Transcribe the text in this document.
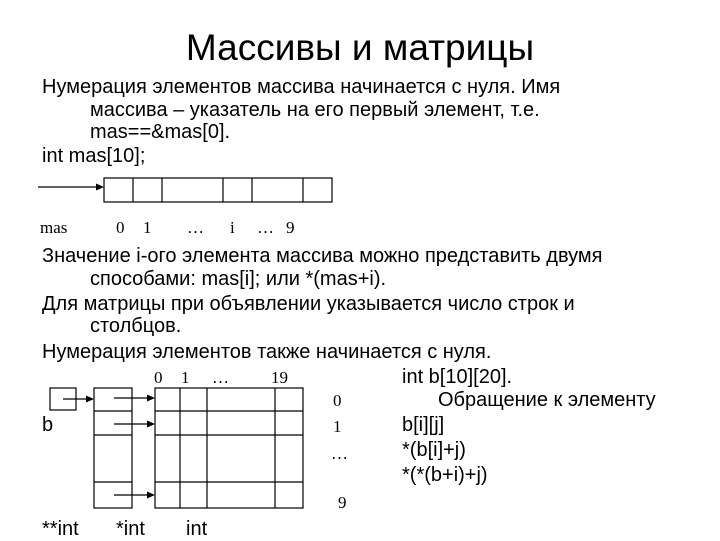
Массивы и матрицы
Нумерация элементов массива начинается с нуля. Имя
массива – указатель на его первый элемент, т.е.
mas==&mas[0].
int mas[10];
mas	0 1 … i … 9
Значение i-ого элемента массива можно представить двумя
способами: mas[i]; или *(mas+i).
Для матрицы при объявлении указывается число строк и
столбцов.
Нумерация элементов также начинается с нуля.
0 1 … 19
0
1
…
9
b
**int *int int
int b[10][20].
Обращение к элементу
b[i][j]
*(b[i]+j)
*(*(b+i)+j)
